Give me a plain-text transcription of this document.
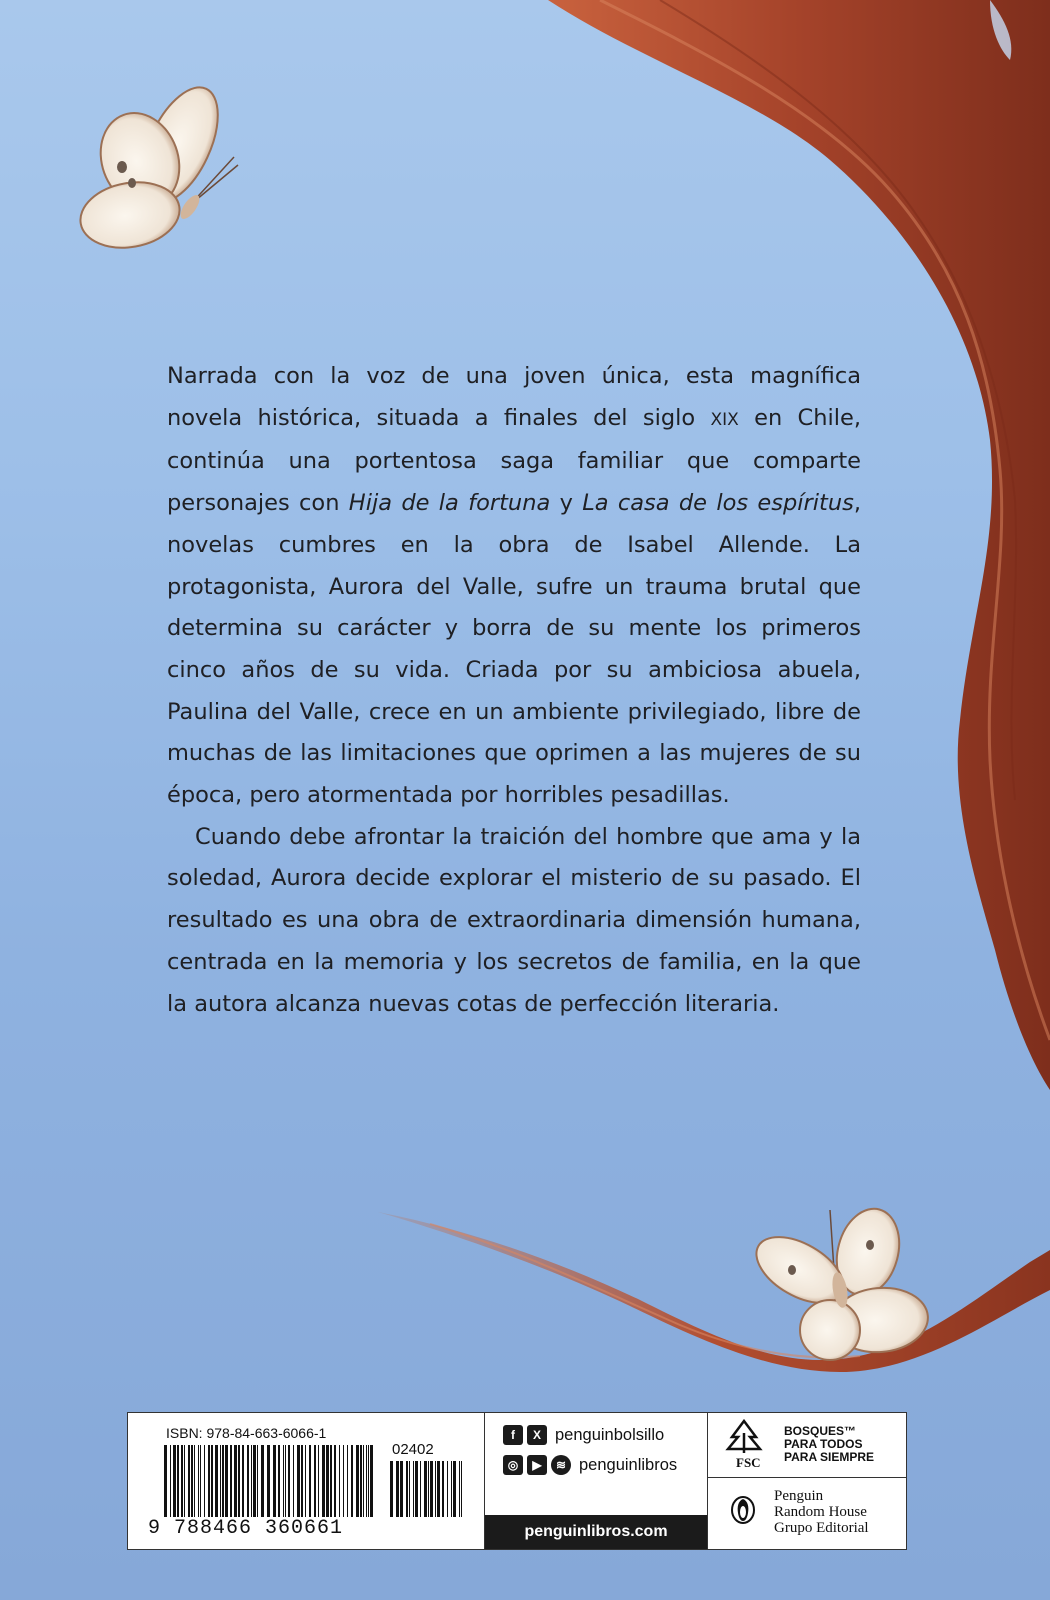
Narrada con la voz de una joven única, esta magnífica novela histórica, situada a finales del siglo XIX en Chile, continúa una portentosa saga familiar que comparte personajes con Hija de la fortuna y La casa de los espíritus, novelas cumbres en la obra de Isabel Allende. La protagonista, Aurora del Valle, sufre un trauma brutal que determina su carácter y borra de su mente los primeros cinco años de su vida. Criada por su ambiciosa abuela, Paulina del Valle, crece en un ambiente privilegiado, libre de muchas de las limitaciones que oprimen a las mujeres de su época, pero atormentada por horribles pesadillas.

Cuando debe afrontar la traición del hombre que ama y la soledad, Aurora decide explorar el misterio de su pasado. El resultado es una obra de extraordinaria dimensión humana, centrada en la memoria y los secretos de familia, en la que la autora alcanza nuevas cotas de perfección literaria.

ISBN: 978-84-663-6066-1
02402
9 788466 360661
f	X penguinbolsillo
◎	▶	≋ penguinlibros
penguinlibros.com
FSC
BOSQUES™
PARA TODOS
PARA SIEMPRE
Penguin
Random House
Grupo Editorial
